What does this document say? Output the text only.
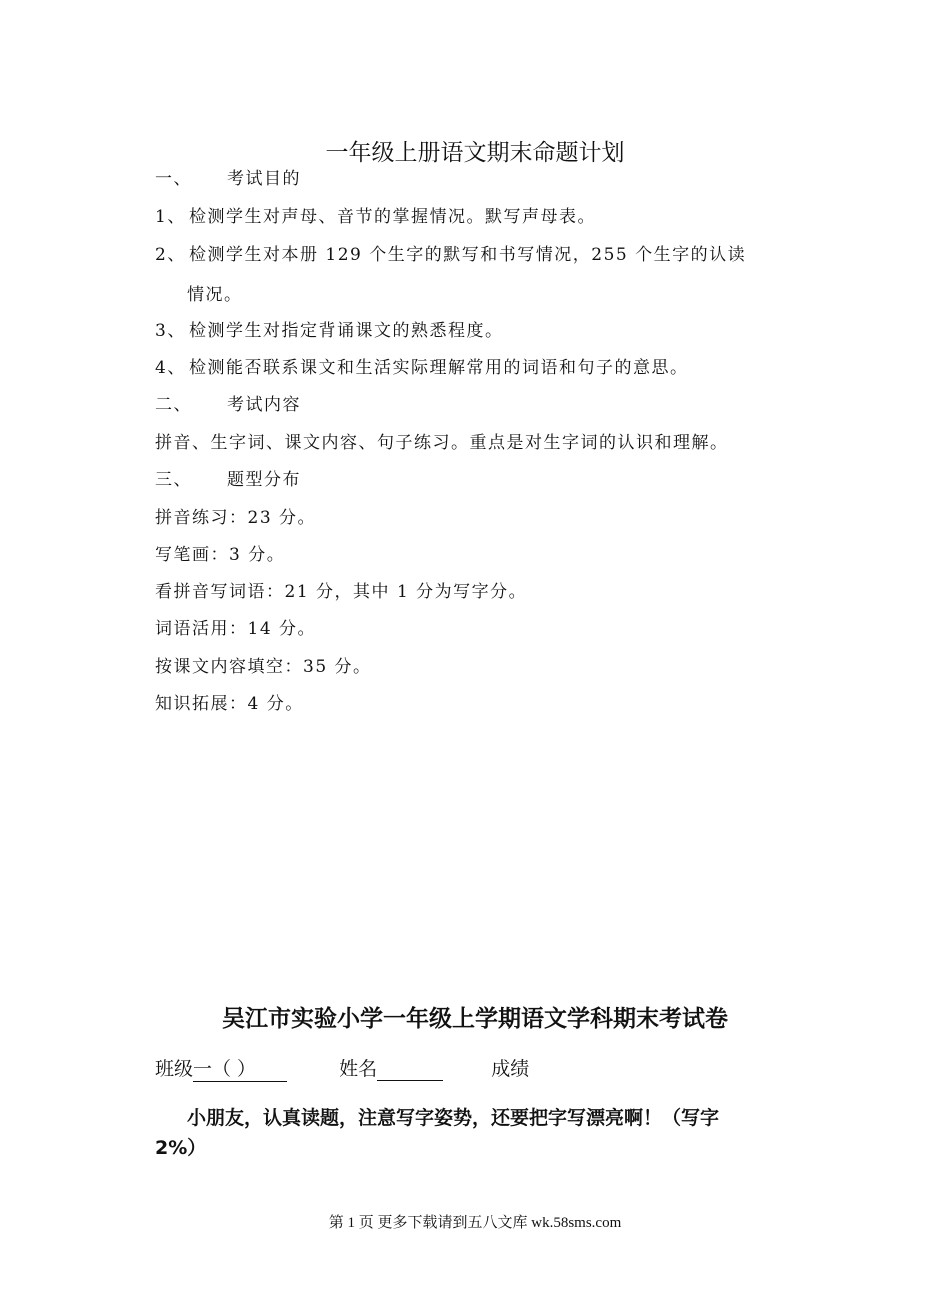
一年级上册语文期末命题计划
一、 考试目的
1、 检测学生对声母、音节的掌握情况。默写声母表。
2、 检测学生对本册 129 个生字的默写和书写情况，255 个生字的认读
情况。
3、 检测学生对指定背诵课文的熟悉程度。
4、 检测能否联系课文和生活实际理解常用的词语和句子的意思。
二、 考试内容
拼音、生字词、课文内容、句子练习。重点是对生字词的认识和理解。
三、 题型分布
拼音练习：23 分。
写笔画：3 分。
看拼音写词语：21 分，其中 1 分为写字分。
词语活用：14 分。
按课文内容填空：35 分。
知识拓展：4 分。
吴江市实验小学一年级上学期语文学科期末考试卷
班级一（ ）	姓名	成绩
小朋友，认真读题，注意写字姿势，还要把字写漂亮啊！（写字
2%）
第 1 页 更多下载请到五八文库 wk.58sms.com
